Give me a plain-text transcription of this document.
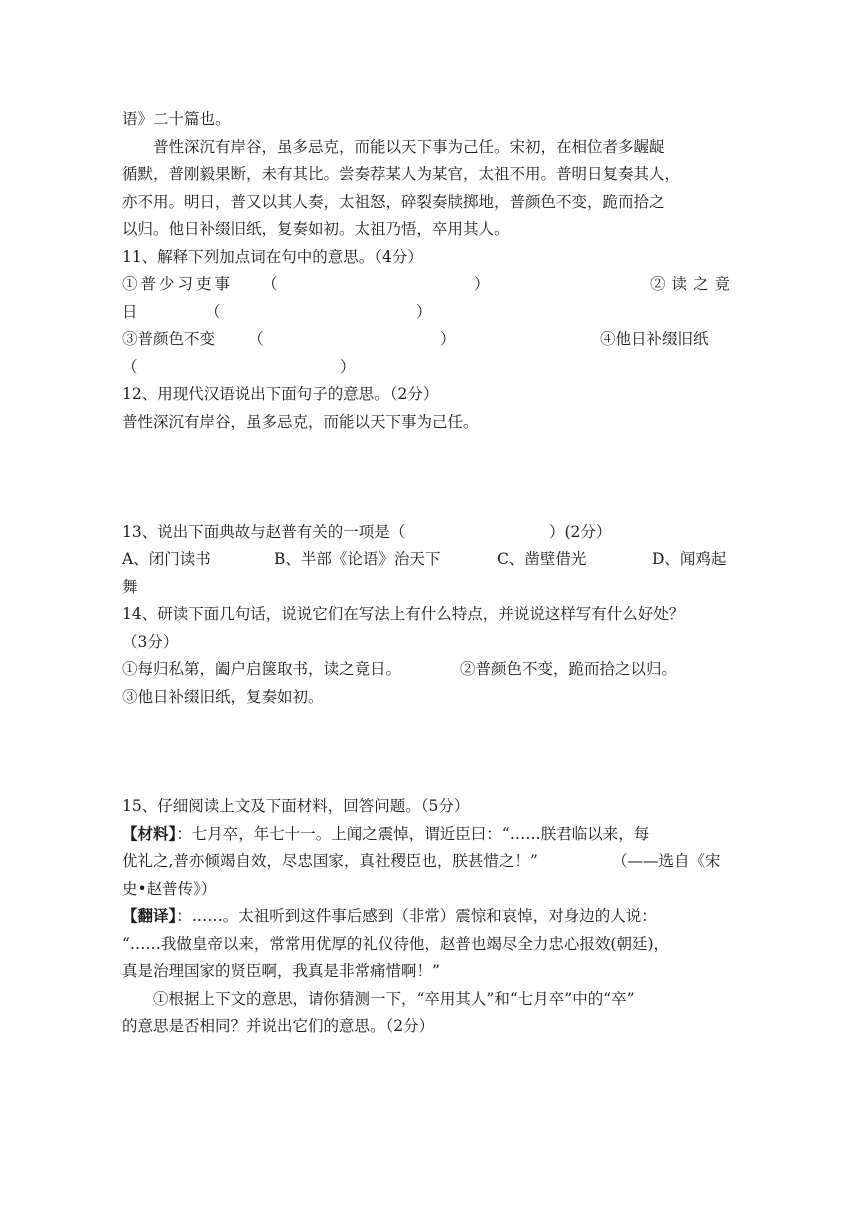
语》二十篇也。
普性深沉有岸谷，虽多忌克，而能以天下事为己任。宋初，在相位者多龌龊
循默，普刚毅果断，未有其比。尝奏荐某人为某官，太祖不用。普明日复奏其人，
亦不用。明日，普又以其人奏，太祖怒，碎裂奏牍掷地，普颜色不变，跪而拾之
以归。他日补缀旧纸，复奏如初。太祖乃悟，卒用其人。
11、解释下列加点词在句中的意思。（4分）
①普少习吏事 （	）	②读之竟
日	（	）
③普颜色不变 （	）	④他日补缀旧纸
（	）
12、用现代汉语说出下面句子的意思。（2分）
普性深沉有岸谷，虽多忌克，而能以天下事为己任。
13、说出下面典故与赵普有关的一项是（	）(2分）
A、闭门读书	B、半部《论语》治天下	C、凿壁借光	D、闻鸡起
舞
14、研读下面几句话，说说它们在写法上有什么特点，并说说这样写有什么好处？
（3分）
①每归私第，阖户启箧取书，读之竟日。	②普颜色不变，跪而拾之以归。
③他日补缀旧纸，复奏如初。
15、仔细阅读上文及下面材料，回答问题。（5分）
【材料】：七月卒，年七十一。上闻之震悼，谓近臣曰：“……朕君临以来，每
优礼之,普亦倾竭自效，尽忠国家，真社稷臣也，朕甚惜之！”	（——选自《宋
史•赵普传》）
【翻译】：……。太祖听到这件事后感到（非常）震惊和哀悼，对身边的人说：
“……我做皇帝以来，常常用优厚的礼仪待他，赵普也竭尽全力忠心报效(朝廷)，
真是治理国家的贤臣啊，我真是非常痛惜啊！”
①根据上下文的意思，请你猜测一下，“卒用其人”和“七月卒”中的“卒”
的意思是否相同？并说出它们的意思。（2分）
